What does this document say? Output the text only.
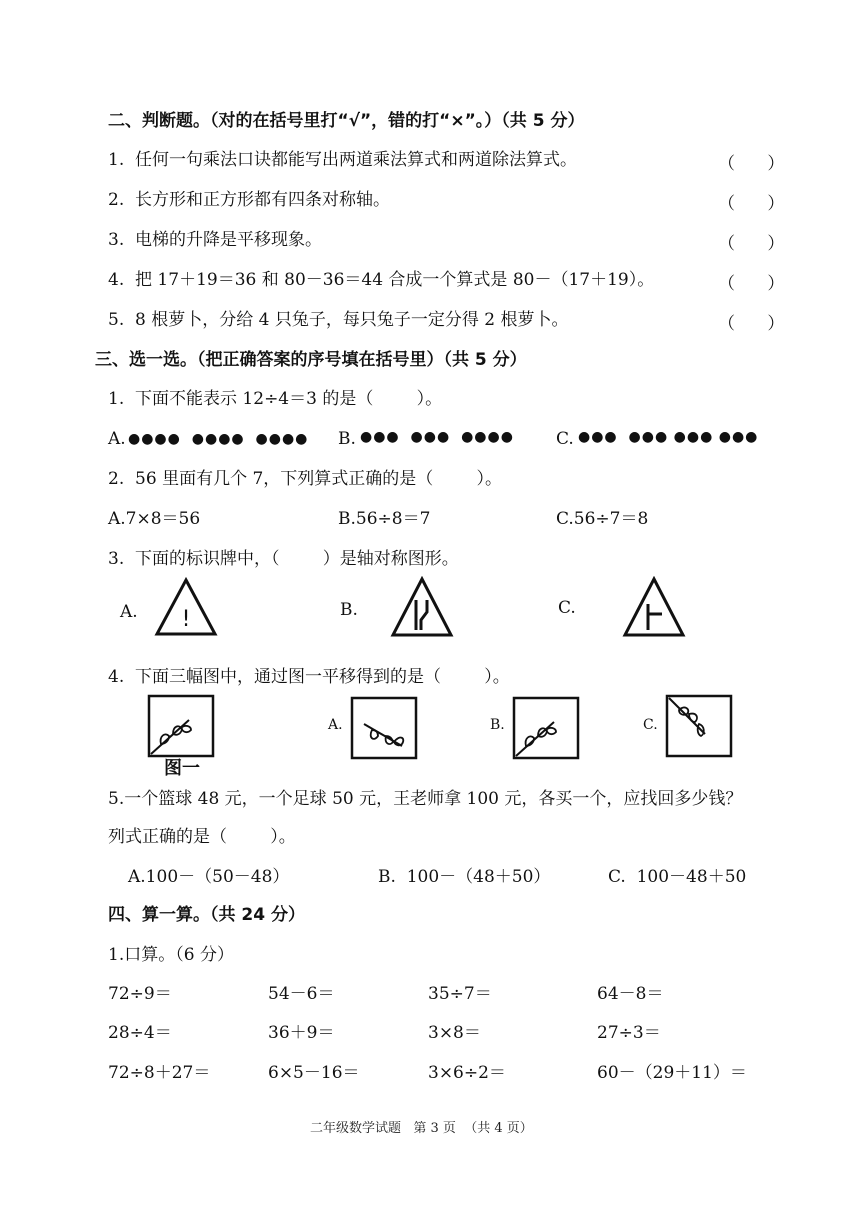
二、判断题。（对的在括号里打“√”，错的打“×”。）（共 5 分）
1.  任何一句乘法口诀都能写出两道乘法算式和两道除法算式。	（      ）
2.  长方形和正方形都有四条对称轴。	（      ）
3.  电梯的升降是平移现象。	（      ）
4.  把 17＋19＝36 和 80－36＝44 合成一个算式是 80－（17＋19）。	（      ）
5.  8 根萝卜，分给 4 只兔子，每只兔子一定分得 2 根萝卜。	（      ）
三、选一选。（把正确答案的序号填在括号里）（共 5 分）
1.  下面不能表示 12÷4＝3 的是（        ）。
A. ●●●●  ●●●●  ●●●● B. ●●●  ●●●  ●●●● C. ●●●  ●●● ●●● ●●●
2.  56 里面有几个 7，下列算式正确的是（        ）。
A.7×8＝56	B.56÷8＝7	C.56÷7＝8
3.  下面的标识牌中，（        ）是轴对称图形。
A. !	B.	C.
4.  下面三幅图中，通过图一平移得到的是（        ）。
图一
A.	B.	C.
5.一个篮球 48 元，一个足球 50 元，王老师拿 100 元，各买一个，应找回多少钱？
列式正确的是（        ）。
A.100－（50－48）	B.  100－（48＋50）	C.  100－48＋50
四、算一算。（共 24 分）
1.口算。（6 分）
72÷9＝	54－6＝	35÷7＝	64－8＝
28÷4＝	36＋9＝	3×8＝	27÷3＝
72÷8＋27＝	6×5－16＝	3×6÷2＝	60－（29＋11）＝
二年级数学试题   第 3 页  （共 4 页）
